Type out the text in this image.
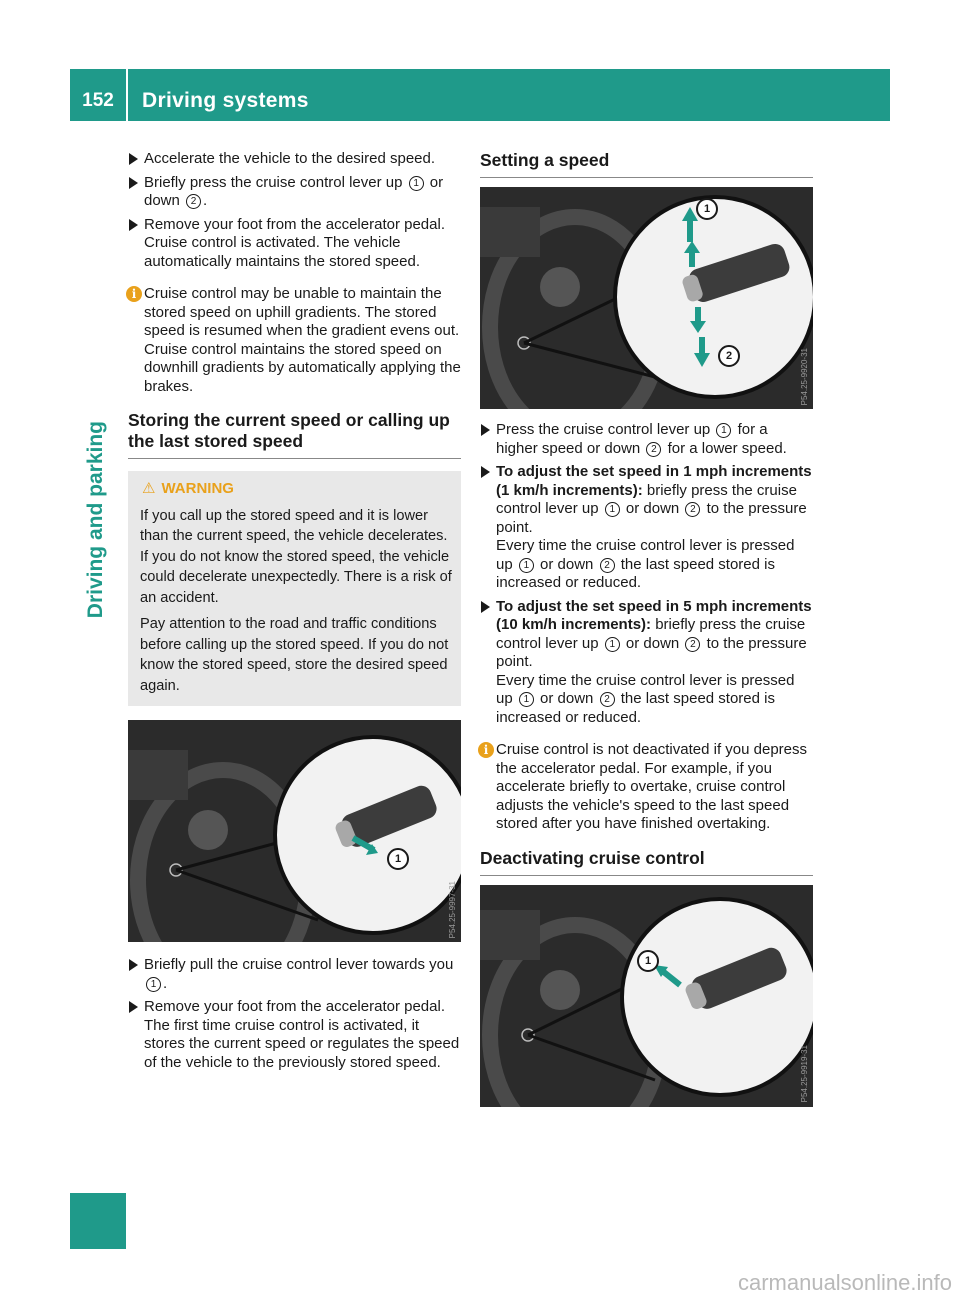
152	Driving systems
Driving and parking
Accelerate the vehicle to the desired speed.
Briefly press the cruise control lever up 1 or down 2 .
Remove your foot from the accelerator pedal. Cruise control is activated. The vehicle automatically maintains the stored speed.
i Cruise control may be unable to maintain the stored speed on uphill gradients. The stored speed is resumed when the gradient evens out. Cruise control maintains the stored speed on downhill gradients by automatically applying the brakes.
Storing the current speed or calling up the last stored speed
⚠ WARNING

If you call up the stored speed and it is lower than the current speed, the vehicle decelerates. If you do not know the stored speed, the vehicle could decelerate unexpectedly. There is a risk of an accident.

Pay attention to the road and traffic conditions before calling up the stored speed. If you do not know the stored speed, store the desired speed again.

1
P54.25-9997-31
Briefly pull the cruise control lever towards you 1 .
Remove your foot from the accelerator pedal. The first time cruise control is activated, it stores the current speed or regulates the speed of the vehicle to the previously stored speed.
Setting a speed
1
2	P54.25-9920-31
Press the cruise control lever up 1 for a higher speed or down 2 for a lower speed.
To adjust the set speed in 1 mph increments (1 km/h increments): briefly press the cruise control lever up 1 or down 2 to the pressure point.
Every time the cruise control lever is pressed up 1 or down 2 the last speed stored is increased or reduced.
To adjust the set speed in 5 mph increments (10 km/h increments): briefly press the cruise control lever up 1 or down 2 to the pressure point.
Every time the cruise control lever is pressed up 1 or down 2 the last speed stored is increased or reduced.
i Cruise control is not deactivated if you depress the accelerator pedal. For example, if you accelerate briefly to overtake, cruise control adjusts the vehicle's speed to the last speed stored after you have finished overtaking.
Deactivating cruise control
1
P54.25-9919-31
carmanualsonline.info
